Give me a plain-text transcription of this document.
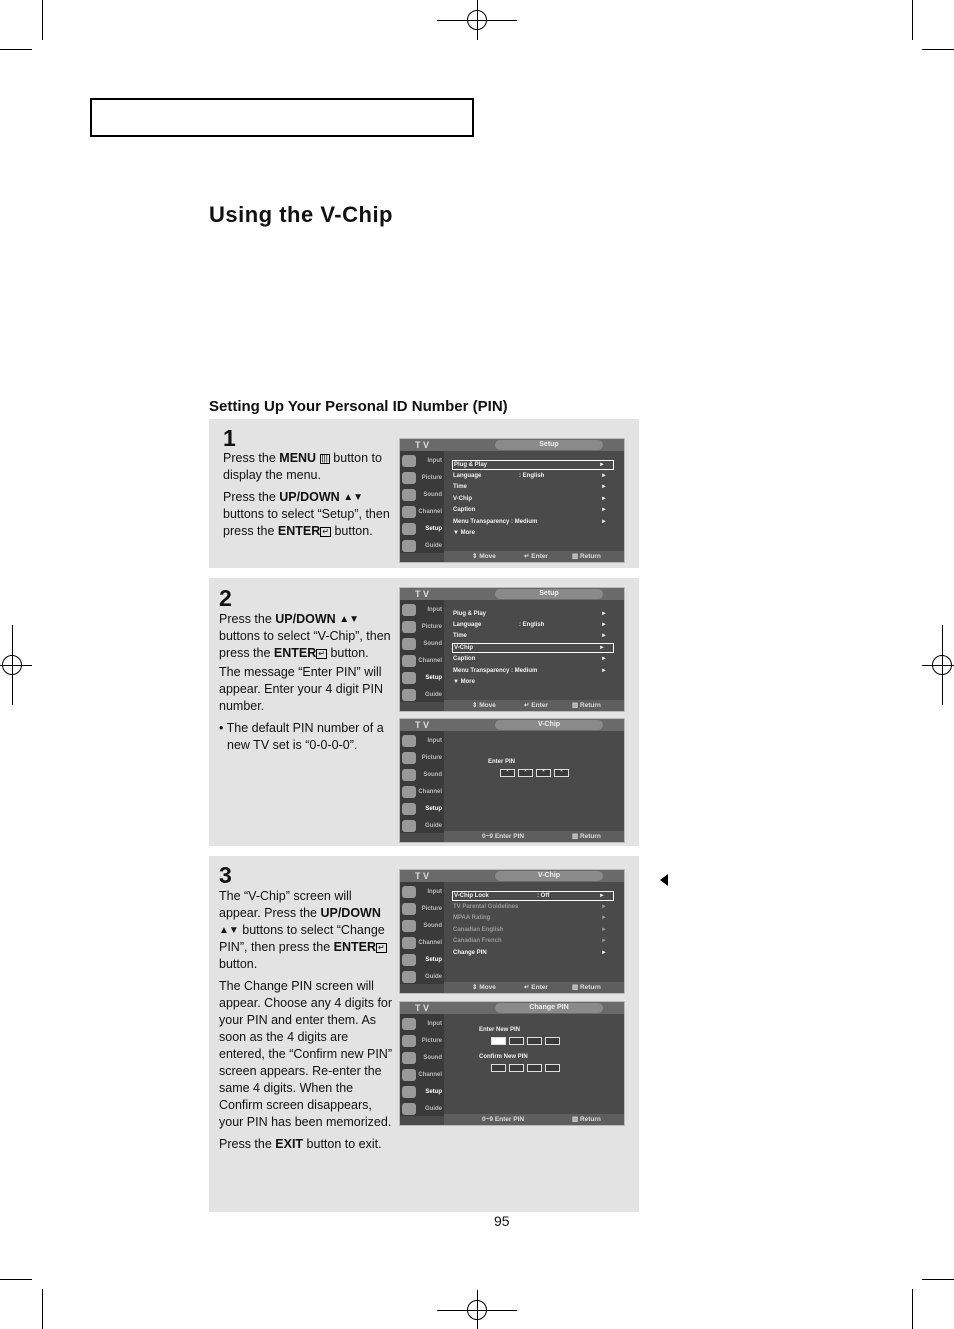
Using the V-Chip
Setting Up Your Personal ID Number (PIN)
1

Press the MENU ||| button to display the menu.

Press the UP/DOWN ▲▼ buttons to select “Setup”, then press the ENTER ↵ button.

T V	Setup
Input
Picture
Sound
Channel
Setup
Guide
Plug & Play	►
Language	: English	►
Time	►
V-Chip	►
Caption	►
Menu Transparency : Medium	►
▼ More
⇕ Move	↵ Enter	▥ Return
2

Press the UP/DOWN ▲▼ buttons to select “V-Chip”, then press the ENTER ↵ button.

The message “Enter PIN” will appear. Enter your 4 digit PIN number.

• The default PIN number of a new TV set is “0-0-0-0”.

T V	Setup
Input
Picture
Sound
Channel
Setup
Guide
Plug & Play	►
Language	: English	►
Time	►
V-Chip	►
Caption	►
Menu Transparency : Medium	►
▼ More
⇕ Move	↵ Enter	▥ Return
T V	V-Chip
Input
Picture
Sound
Channel
Setup
Guide
Enter PIN
*	*	*	*
0~9 Enter PIN	▥ Return
3

The “V-Chip” screen will appear. Press the UP/DOWN ▲▼ buttons to select “Change PIN”, then press the ENTER ↵ button.

The Change PIN screen will appear. Choose any 4 digits for your PIN and enter them. As soon as the 4 digits are entered, the “Confirm new PIN” screen appears. Re-enter the same 4 digits. When the Confirm screen disappears, your PIN has been memorized.

Press the EXIT button to exit.

T V	V-Chip
Input
Picture
Sound
Channel
Setup
Guide
V-Chip Lock	: Off	►
TV Parental Guidelines	►
MPAA Rating	►
Canadian English	►
Canadian French	►
Change PIN	►
⇕ Move	↵ Enter	▥ Return
T V	Change PIN
Input
Picture
Sound
Channel
Setup
Guide
Enter New PIN
Confirm New PIN
0~9 Enter PIN	▥ Return
95
